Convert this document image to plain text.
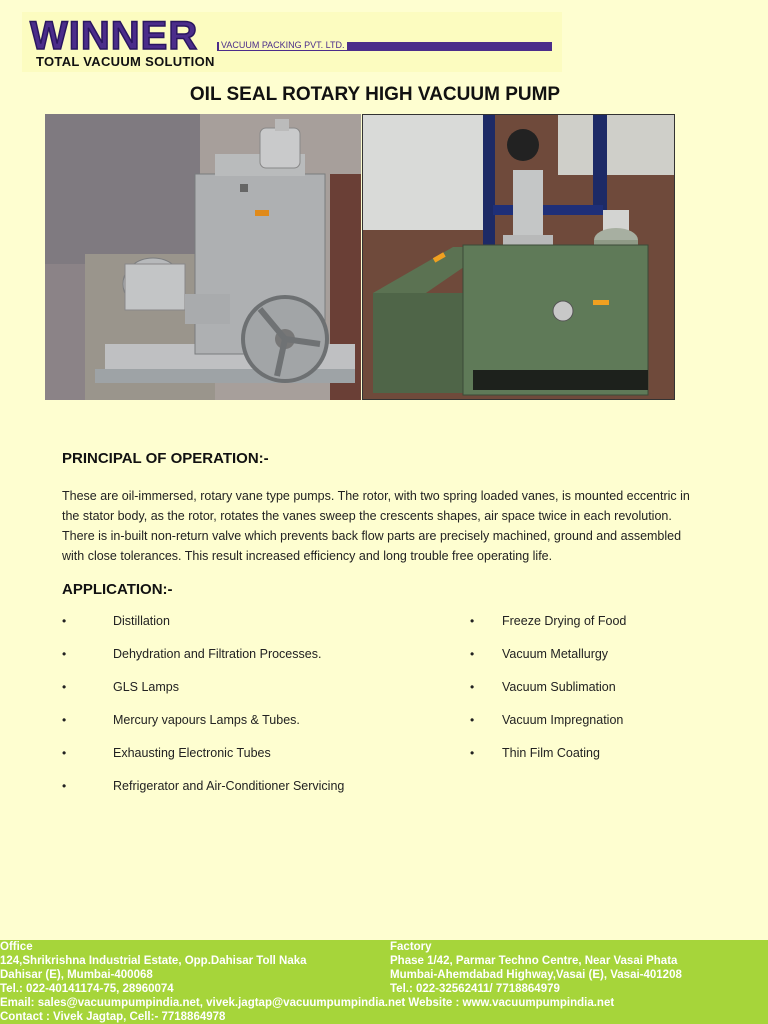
WINNER	VACUUM PACKING PVT. LTD.
TOTAL VACUUM SOLUTION
OIL SEAL ROTARY HIGH VACUUM PUMP
PRINCIPAL OF OPERATION:-
These are oil-immersed, rotary vane type pumps. The rotor, with two spring loaded vanes, is mounted eccentric in
the stator body, as the rotor, rotates the vanes sweep the crescents shapes, air space twice in each revolution.
There is in-built non-return valve which prevents back flow parts are precisely machined, ground and assembled
with close tolerances. This result increased efficiency and long trouble free operating life.
APPLICATION:-
•	Distillation
•	Dehydration and Filtration Processes.
•	GLS Lamps
•	Mercury vapours Lamps & Tubes.
•	Exhausting Electronic Tubes
•	Refrigerator and Air-Conditioner Servicing
• Freeze Drying of Food
• Vacuum Metallurgy
• Vacuum Sublimation
• Vacuum Impregnation
• Thin Film Coating
Office
124,Shrikrishna Industrial Estate, Opp.Dahisar Toll Naka
Dahisar (E), Mumbai-400068
Tel.: 022-40141174-75, 28960074
Factory
Phase 1/42, Parmar Techno Centre, Near Vasai Phata
Mumbai-Ahemdabad Highway,Vasai (E), Vasai-401208
Tel.: 022-32562411/ 7718864979
Email: sales@vacuumpumpindia.net, vivek.jagtap@vacuumpumpindia.net Website : www.vacuumpumpindia.net
Contact : Vivek Jagtap, Cell:- 7718864978
